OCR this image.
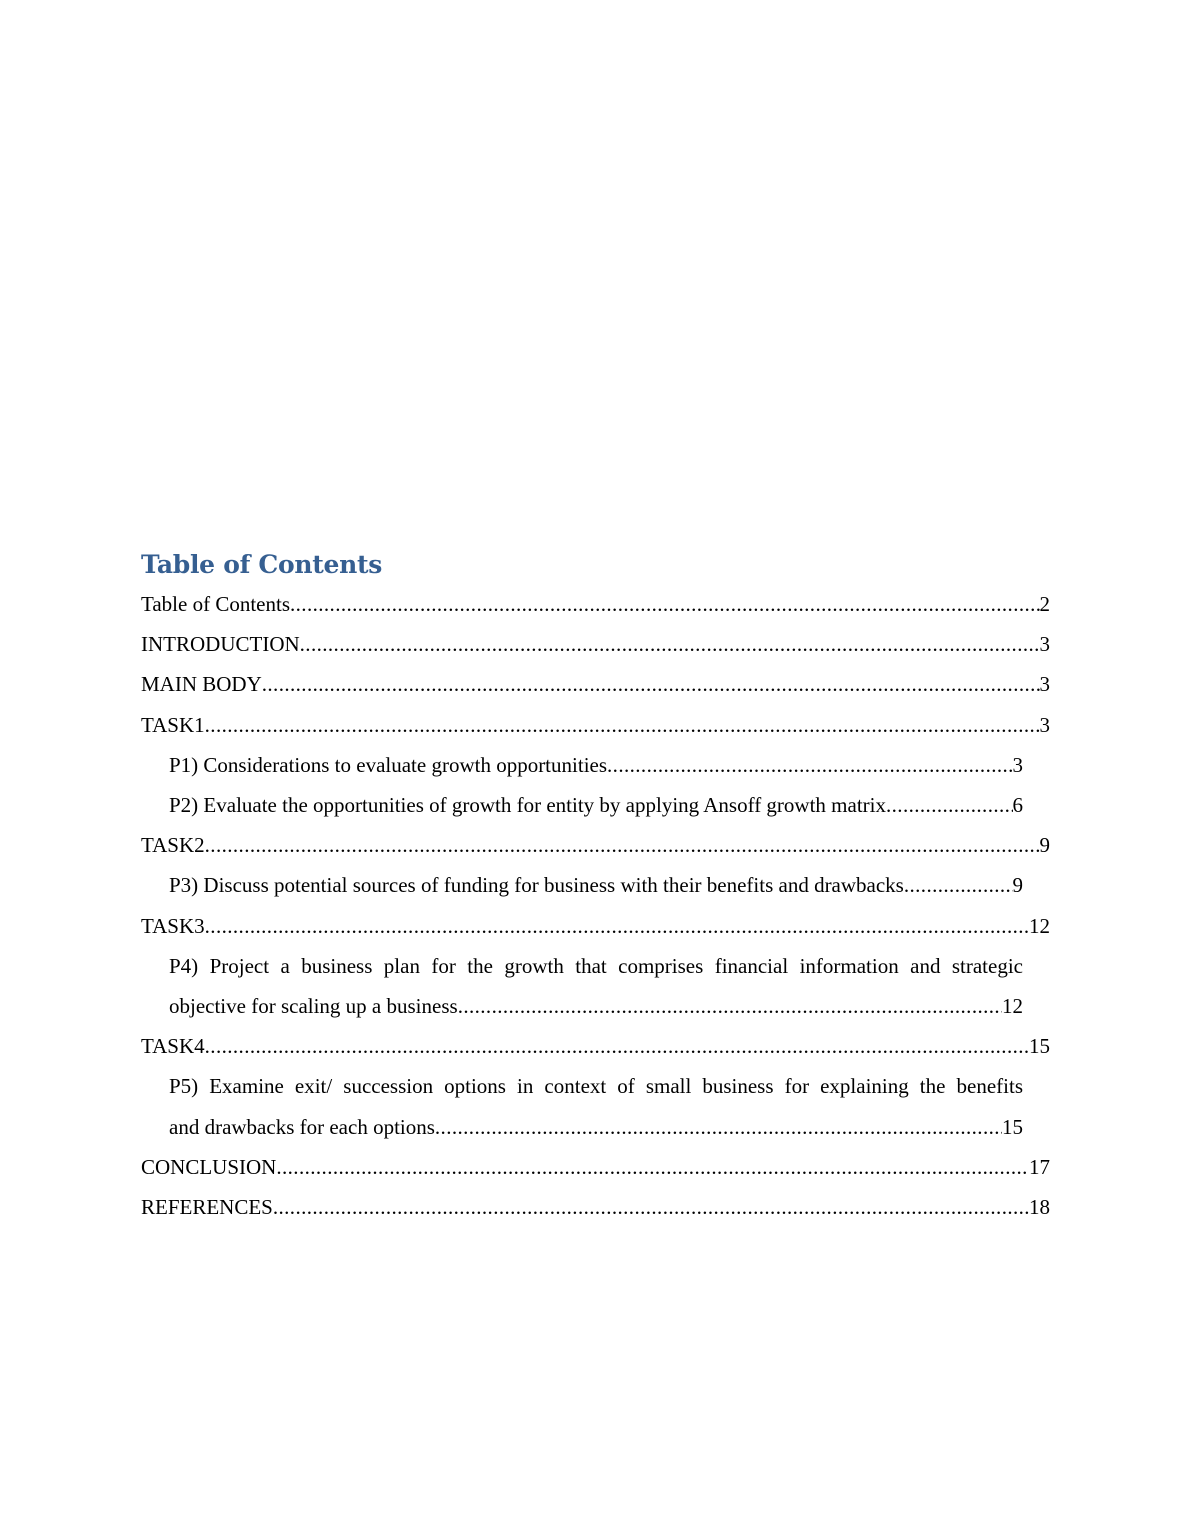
Table of Contents
Table of Contents .....	2
INTRODUCTION .....	3
MAIN BODY .....	3
TASK1 .....	3
P1) Considerations to evaluate growth opportunities .....	3
P2) Evaluate the opportunities of growth for entity by applying Ansoff growth matrix .....	6
TASK2 .....	9
P3) Discuss potential sources of funding for business with their benefits and drawbacks .....	9
TASK3 .....	12
P4) Project a business plan for the growth that comprises financial information and strategic
objective for scaling up a business .....	12
TASK4 .....	15
P5) Examine exit/ succession options in context of small business for explaining the benefits
and drawbacks for each options .....	15
CONCLUSION .....	17
REFERENCES .....	18
